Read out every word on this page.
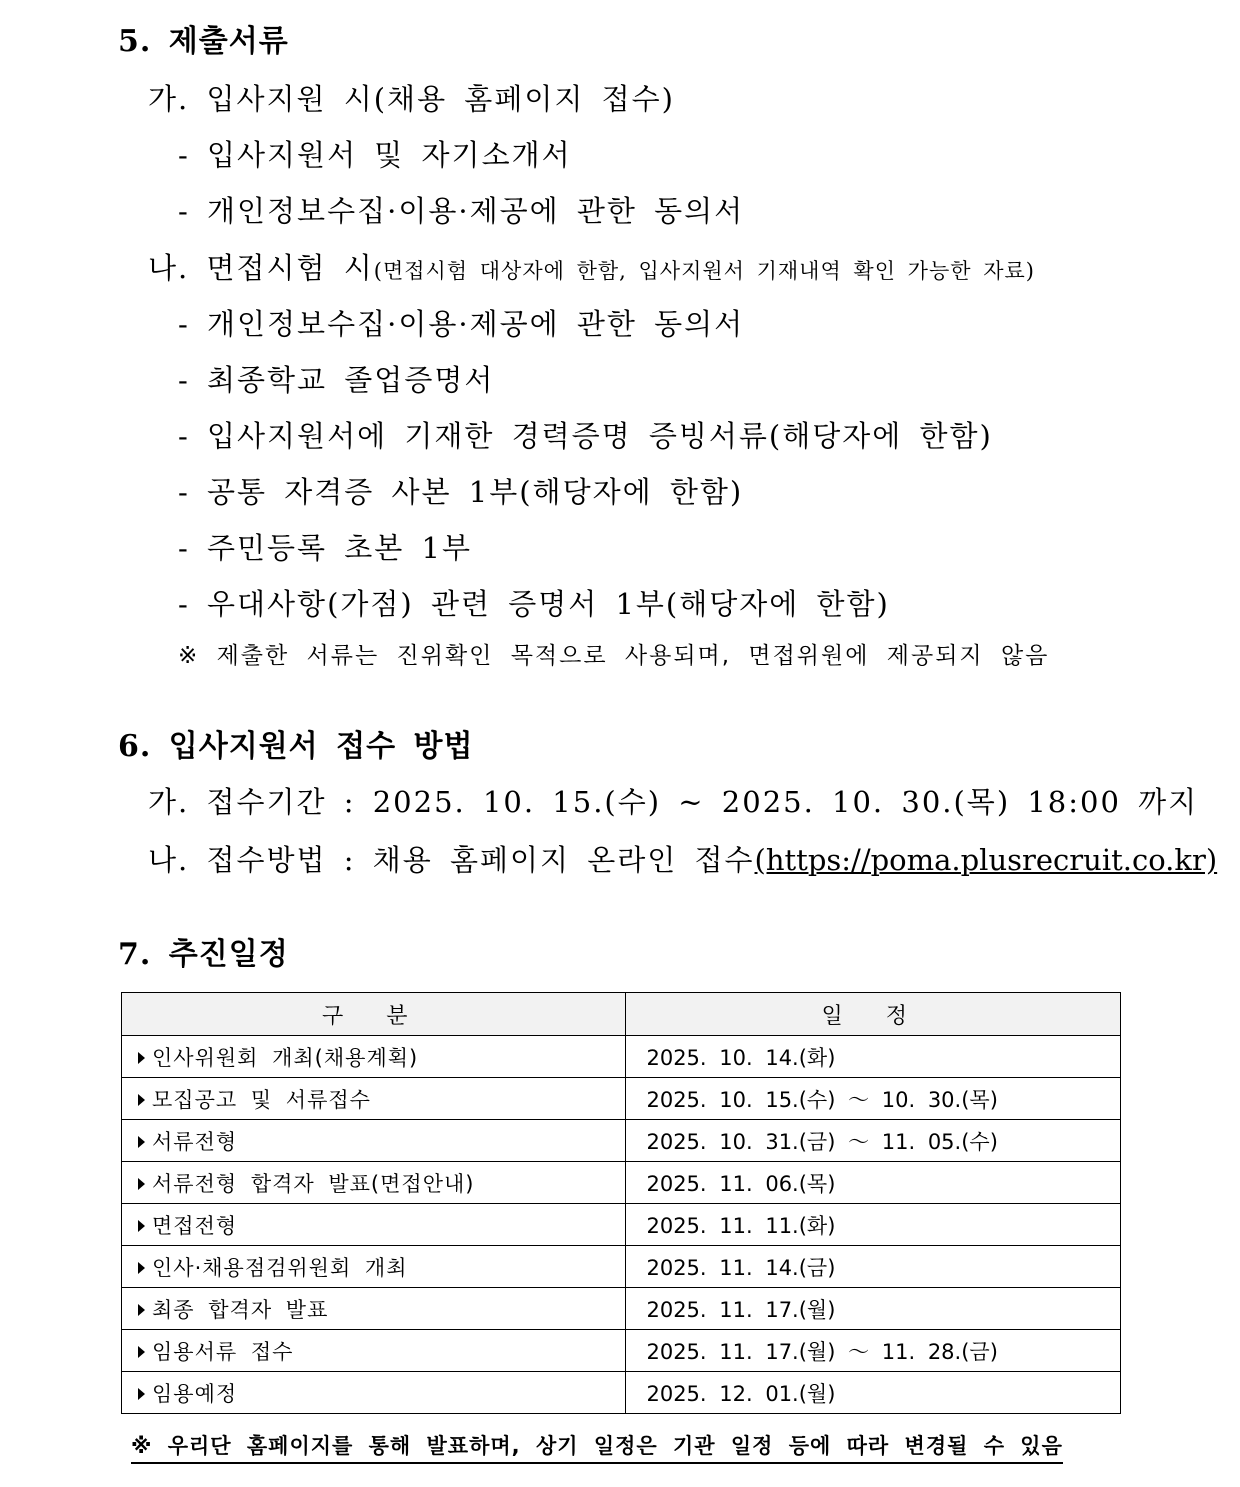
5. 제출서류
가. 입사지원 시(채용 홈페이지 접수)
- 입사지원서 및 자기소개서
- 개인정보수집·이용·제공에 관한 동의서
나. 면접시험 시(면접시험 대상자에 한함, 입사지원서 기재내역 확인 가능한 자료)
- 개인정보수집·이용·제공에 관한 동의서
- 최종학교 졸업증명서
- 입사지원서에 기재한 경력증명 증빙서류(해당자에 한함)
- 공통 자격증 사본 1부(해당자에 한함)
- 주민등록 초본 1부
- 우대사항(가점) 관련 증명서 1부(해당자에 한함)
※ 제출한 서류는 진위확인 목적으로 사용되며, 면접위원에 제공되지 않음
6. 입사지원서 접수 방법
가. 접수기간 : 2025. 10. 15.(수) ~ 2025. 10. 30.(목) 18:00 까지
나. 접수방법 : 채용 홈페이지 온라인 접수(https://poma.plusrecruit.co.kr)
7. 추진일정
구 분	일 정
인사위원회 개최(채용계획)	2025. 10. 14.(화)
모집공고 및 서류접수	2025. 10. 15.(수) ～ 10. 30.(목)
서류전형	2025. 10. 31.(금) ～ 11. 05.(수)
서류전형 합격자 발표(면접안내)	2025. 11. 06.(목)
면접전형	2025. 11. 11.(화)
인사·채용점검위원회 개최	2025. 11. 14.(금)
최종 합격자 발표	2025. 11. 17.(월)
임용서류 접수	2025. 11. 17.(월) ～ 11. 28.(금)
임용예정	2025. 12. 01.(월)
※ 우리단 홈페이지를 통해 발표하며, 상기 일정은 기관 일정 등에 따라 변경될 수 있음
